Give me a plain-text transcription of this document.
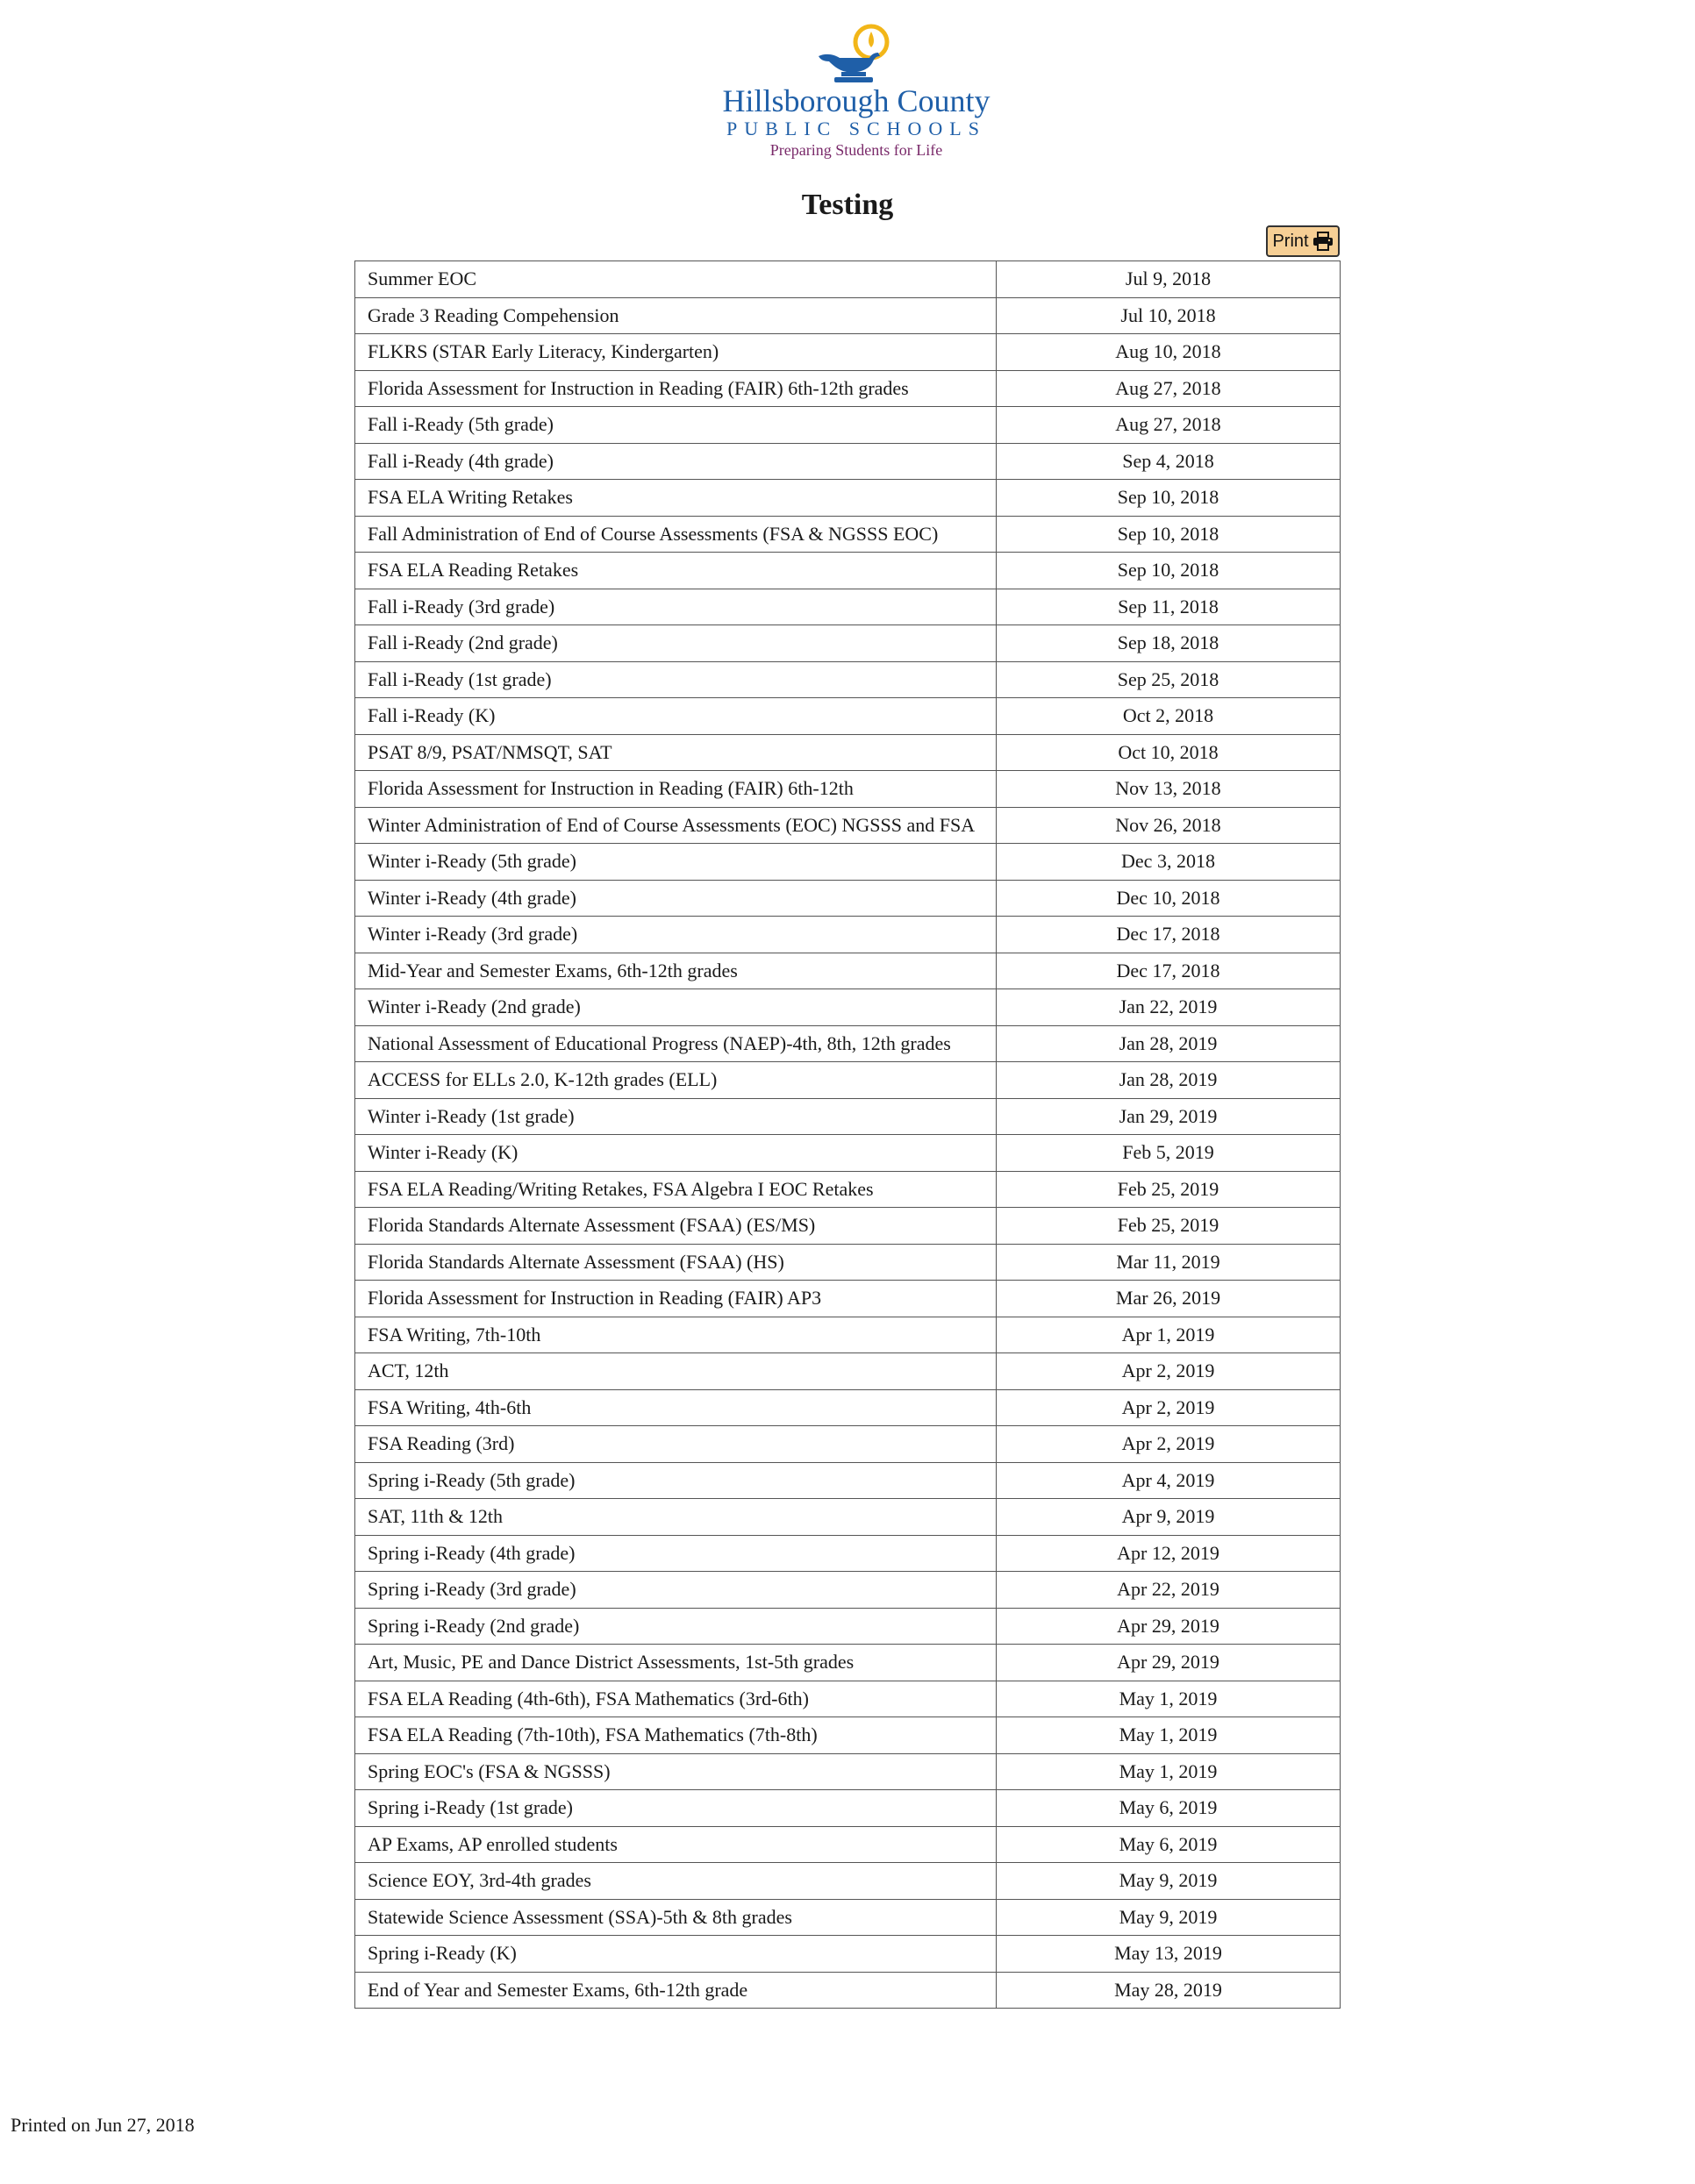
Hillsborough County
PUBLIC SCHOOLS
Preparing Students for Life
Testing
Print
Summer EOC	Jul 9, 2018
Grade 3 Reading Compehension	Jul 10, 2018
FLKRS (STAR Early Literacy, Kindergarten)	Aug 10, 2018
Florida Assessment for Instruction in Reading (FAIR) 6th-12th grades	Aug 27, 2018
Fall i-Ready (5th grade)	Aug 27, 2018
Fall i-Ready (4th grade)	Sep 4, 2018
FSA ELA Writing Retakes	Sep 10, 2018
Fall Administration of End of Course Assessments (FSA & NGSSS EOC)	Sep 10, 2018
FSA ELA Reading Retakes	Sep 10, 2018
Fall i-Ready (3rd grade)	Sep 11, 2018
Fall i-Ready (2nd grade)	Sep 18, 2018
Fall i-Ready (1st grade)	Sep 25, 2018
Fall i-Ready (K)	Oct 2, 2018
PSAT 8/9, PSAT/NMSQT, SAT	Oct 10, 2018
Florida Assessment for Instruction in Reading (FAIR) 6th-12th	Nov 13, 2018
Winter Administration of End of Course Assessments (EOC) NGSSS and FSA	Nov 26, 2018
Winter i-Ready (5th grade)	Dec 3, 2018
Winter i-Ready (4th grade)	Dec 10, 2018
Winter i-Ready (3rd grade)	Dec 17, 2018
Mid-Year and Semester Exams, 6th-12th grades	Dec 17, 2018
Winter i-Ready (2nd grade)	Jan 22, 2019
National Assessment of Educational Progress (NAEP)-4th, 8th, 12th grades	Jan 28, 2019
ACCESS for ELLs 2.0, K-12th grades (ELL)	Jan 28, 2019
Winter i-Ready (1st grade)	Jan 29, 2019
Winter i-Ready (K)	Feb 5, 2019
FSA ELA Reading/Writing Retakes, FSA Algebra I EOC Retakes	Feb 25, 2019
Florida Standards Alternate Assessment (FSAA) (ES/MS)	Feb 25, 2019
Florida Standards Alternate Assessment (FSAA) (HS)	Mar 11, 2019
Florida Assessment for Instruction in Reading (FAIR) AP3	Mar 26, 2019
FSA Writing, 7th-10th	Apr 1, 2019
ACT, 12th	Apr 2, 2019
FSA Writing, 4th-6th	Apr 2, 2019
FSA Reading (3rd)	Apr 2, 2019
Spring i-Ready (5th grade)	Apr 4, 2019
SAT, 11th & 12th	Apr 9, 2019
Spring i-Ready (4th grade)	Apr 12, 2019
Spring i-Ready (3rd grade)	Apr 22, 2019
Spring i-Ready (2nd grade)	Apr 29, 2019
Art, Music, PE and Dance District Assessments, 1st-5th grades	Apr 29, 2019
FSA ELA Reading (4th-6th), FSA Mathematics (3rd-6th)	May 1, 2019
FSA ELA Reading (7th-10th), FSA Mathematics (7th-8th)	May 1, 2019
Spring EOC's (FSA & NGSSS)	May 1, 2019
Spring i-Ready (1st grade)	May 6, 2019
AP Exams, AP enrolled students	May 6, 2019
Science EOY, 3rd-4th grades	May 9, 2019
Statewide Science Assessment (SSA)-5th & 8th grades	May 9, 2019
Spring i-Ready (K)	May 13, 2019
End of Year and Semester Exams, 6th-12th grade	May 28, 2019
Printed on Jun 27, 2018
